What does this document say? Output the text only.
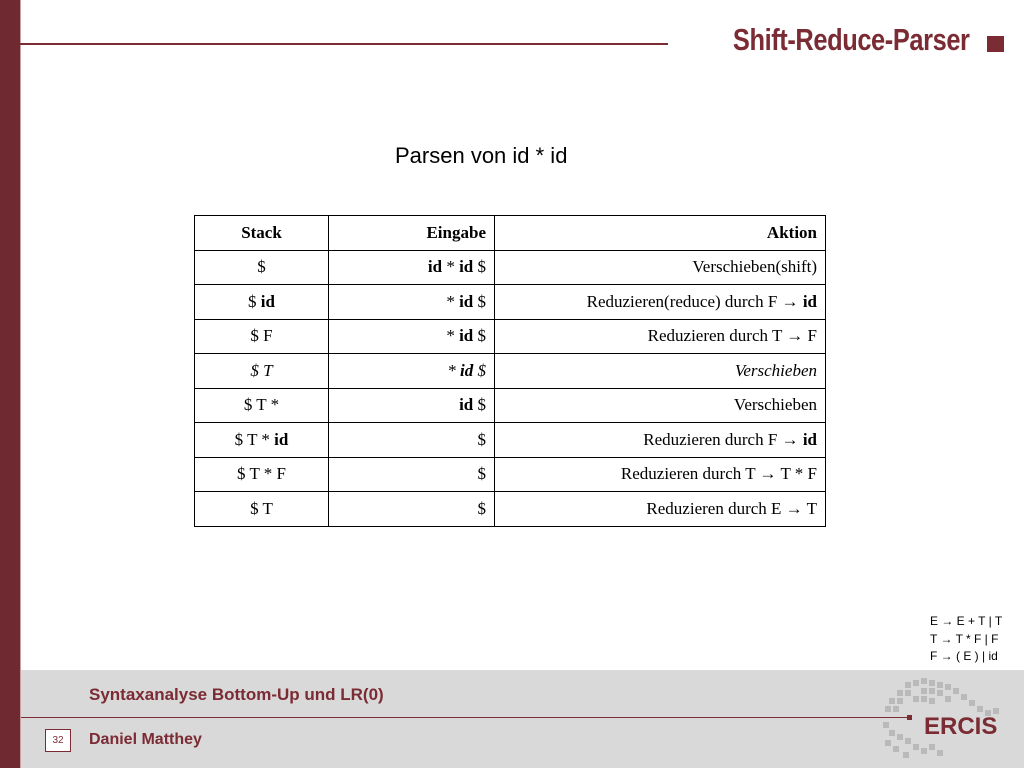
Shift-Reduce-Parser
Parsen von id * id
Stack	Eingabe	Aktion
$	id * id $	Verschieben(shift)
$ id	* id $	Reduzieren(reduce) durch F → id
$ F	* id $	Reduzieren durch T → F
$ T	* id $	Verschieben
$ T *	id $	Verschieben
$ T * id	$	Reduzieren durch F → id
$ T * F	$	Reduzieren durch T → T * F
$ T	$	Reduzieren durch E → T
E → E + T | T
T → T * F | F
F → ( E ) | id
Syntaxanalyse Bottom-Up und LR(0)
32	Daniel Matthey	ERCIS
